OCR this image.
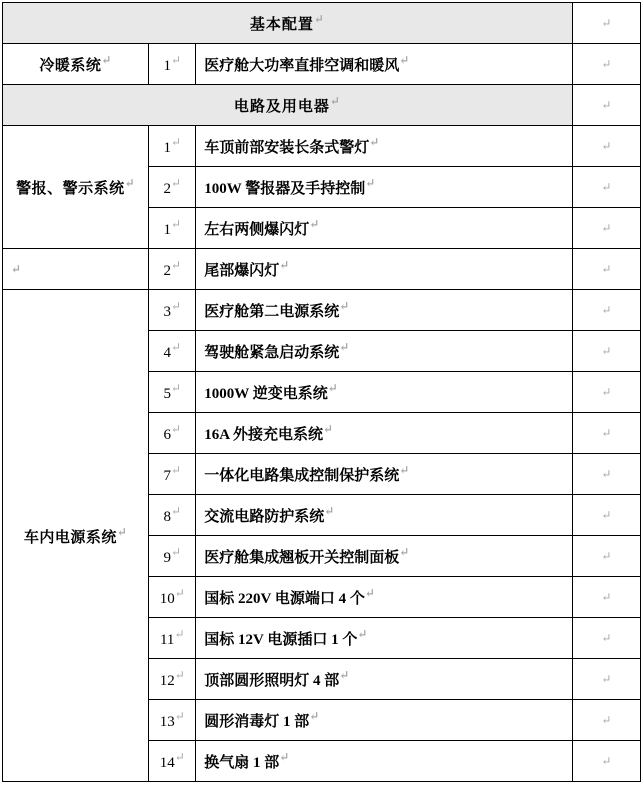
基本配置↵			↵

冷暖系统↵	1↵	医疗舱大功率直排空调和暖风↵	↵

电路及用电器↵			↵

警报、警示系统↵	1↵	车顶前部安装长条式警灯↵	↵

	2↵	100W 警报器及手持控制↵	↵

	1↵	左右两侧爆闪灯↵	↵

↵	2↵	尾部爆闪灯↵	↵

车内电源系统↵	3↵	医疗舱第二电源系统↵	↵

	4↵	驾驶舱紧急启动系统↵	↵

	5↵	1000W 逆变电系统↵	↵

	6↵	16A 外接充电系统↵	↵

	7↵	一体化电路集成控制保护系统↵	↵

	8↵	交流电路防护系统↵	↵

	9↵	医疗舱集成翘板开关控制面板↵	↵

	10↵	国标 220V 电源端口 4 个↵	↵

	11↵	国标 12V 电源插口 1 个↵	↵

	12↵	顶部圆形照明灯 4 部↵	↵

	13↵	圆形消毒灯 1 部↵	↵

	14↵	换气扇 1 部↵	↵
